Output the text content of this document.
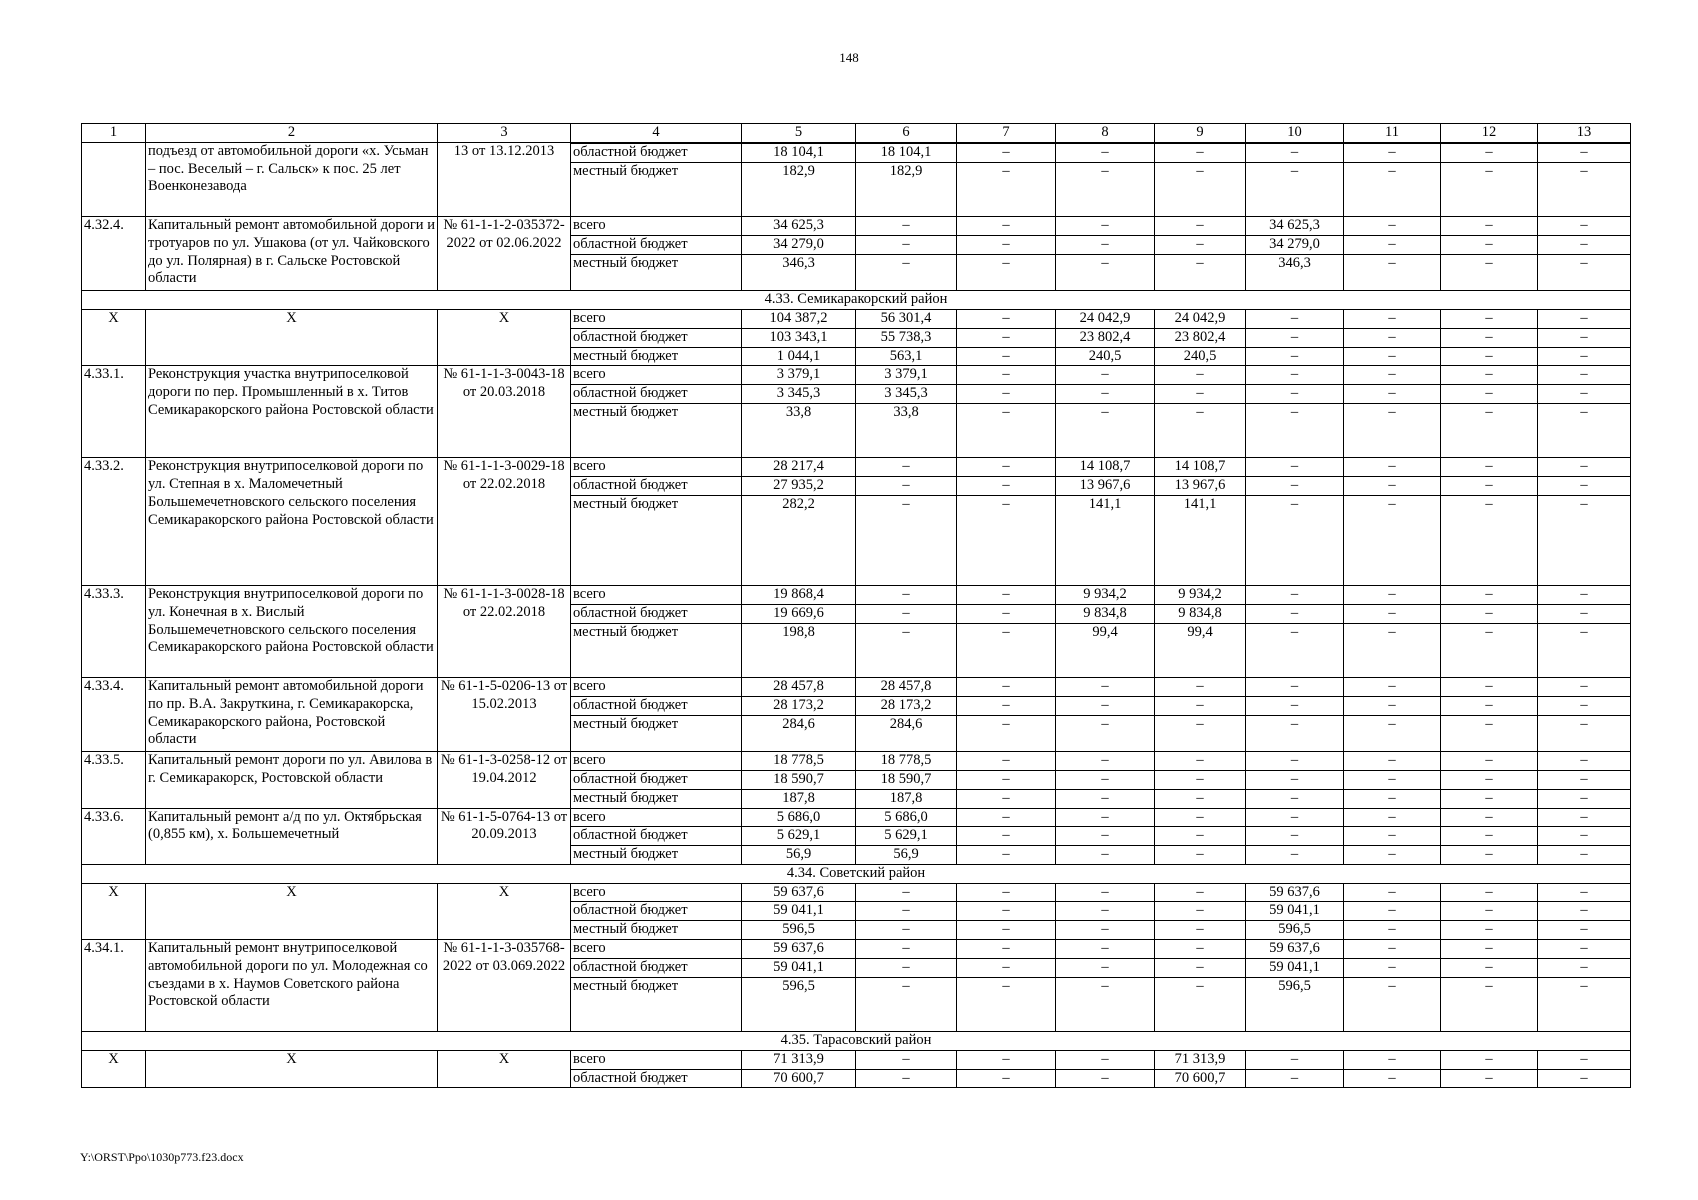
148
1	2	3	4	5	6	7	8	9	10	11	12	13
	подъезд от автомобильной дороги «х. Усьман – пос. Веселый – г. Сальск» к пос. 25 лет Военконезавода	13 от 13.12.2013										
			областной бюджет	18 104,1	18 104,1	–	–	–	–	–	–	–
			местный бюджет	182,9	182,9	–	–	–	–	–	–	–
4.32.4.	Капитальный ремонт автомобильной дороги и тротуаров по ул. Ушакова (от ул. Чайковского до ул. Полярная) в г. Сальске Ростовской области	№ 61-1-1-2-035372-2022 от 02.06.2022	всего	34 625,3	–	–	–	–	34 625,3	–	–	–
			областной бюджет	34 279,0	–	–	–	–	34 279,0	–	–	–
			местный бюджет	346,3	–	–	–	–	346,3	–	–	–
4.33. Семикаракорский район												
X	X	X	всего	104 387,2	56 301,4	–	24 042,9	24 042,9	–	–	–	–
			областной бюджет	103 343,1	55 738,3	–	23 802,4	23 802,4	–	–	–	–
			местный бюджет	1 044,1	563,1	–	240,5	240,5	–	–	–	–
4.33.1.	Реконструкция участка внутрипоселковой дороги по пер. Промышленный в х. Титов Семикаракорского района Ростовской области	№ 61-1-1-3-0043-18 от 20.03.2018	всего	3 379,1	3 379,1	–	–	–	–	–	–	–
			областной бюджет	3 345,3	3 345,3	–	–	–	–	–	–	–
			местный бюджет	33,8	33,8	–	–	–	–	–	–	–
4.33.2.	Реконструкция внутрипоселковой дороги по ул. Степная в х. Маломечетный Большемечетновского сельского поселения Семикаракорского района Ростовской области	№ 61-1-1-3-0029-18 от 22.02.2018	всего	28 217,4	–	–	14 108,7	14 108,7	–	–	–	–
			областной бюджет	27 935,2	–	–	13 967,6	13 967,6	–	–	–	–
			местный бюджет	282,2	–	–	141,1	141,1	–	–	–	–
4.33.3.	Реконструкция внутрипоселковой дороги по ул. Конечная в х. Вислый Большемечетновского сельского поселения Семикаракорского района Ростовской области	№ 61-1-1-3-0028-18 от 22.02.2018	всего	19 868,4	–	–	9 934,2	9 934,2	–	–	–	–
			областной бюджет	19 669,6	–	–	9 834,8	9 834,8	–	–	–	–
			местный бюджет	198,8	–	–	99,4	99,4	–	–	–	–
4.33.4.	Капитальный ремонт автомобильной дороги по пр. В.А. Закруткина, г. Семикаракорска, Семикаракорского района, Ростовской области	№ 61-1-5-0206-13 от 15.02.2013	всего	28 457,8	28 457,8	–	–	–	–	–	–	–
			областной бюджет	28 173,2	28 173,2	–	–	–	–	–	–	–
			местный бюджет	284,6	284,6	–	–	–	–	–	–	–
4.33.5.	Капитальный ремонт дороги по ул. Авилова в г. Семикаракорск, Ростовской области	№ 61-1-3-0258-12 от 19.04.2012	всего	18 778,5	18 778,5	–	–	–	–	–	–	–
			областной бюджет	18 590,7	18 590,7	–	–	–	–	–	–	–
			местный бюджет	187,8	187,8	–	–	–	–	–	–	–
4.33.6.	Капитальный ремонт а/д по ул. Октябрьская (0,855 км), х. Большемечетный	№ 61-1-5-0764-13 от 20.09.2013	всего	5 686,0	5 686,0	–	–	–	–	–	–	–
			областной бюджет	5 629,1	5 629,1	–	–	–	–	–	–	–
			местный бюджет	56,9	56,9	–	–	–	–	–	–	–
4.34. Советский район												
X	X	X	всего	59 637,6	–	–	–	–	59 637,6	–	–	–
			областной бюджет	59 041,1	–	–	–	–	59 041,1	–	–	–
			местный бюджет	596,5	–	–	–	–	596,5	–	–	–
4.34.1.	Капитальный ремонт внутрипоселковой автомобильной дороги по ул. Молодежная со съездами в х. Наумов Советского района Ростовской области	№ 61-1-1-3-035768-2022 от 03.069.2022	всего	59 637,6	–	–	–	–	59 637,6	–	–	–
			областной бюджет	59 041,1	–	–	–	–	59 041,1	–	–	–
			местный бюджет	596,5	–	–	–	–	596,5	–	–	–
4.35. Тарасовский район												
X	X	X	всего	71 313,9	–	–	–	71 313,9	–	–	–	–
			областной бюджет	70 600,7	–	–	–	70 600,7	–	–	–	–
Y:\ORST\Ppo\1030p773.f23.docx
